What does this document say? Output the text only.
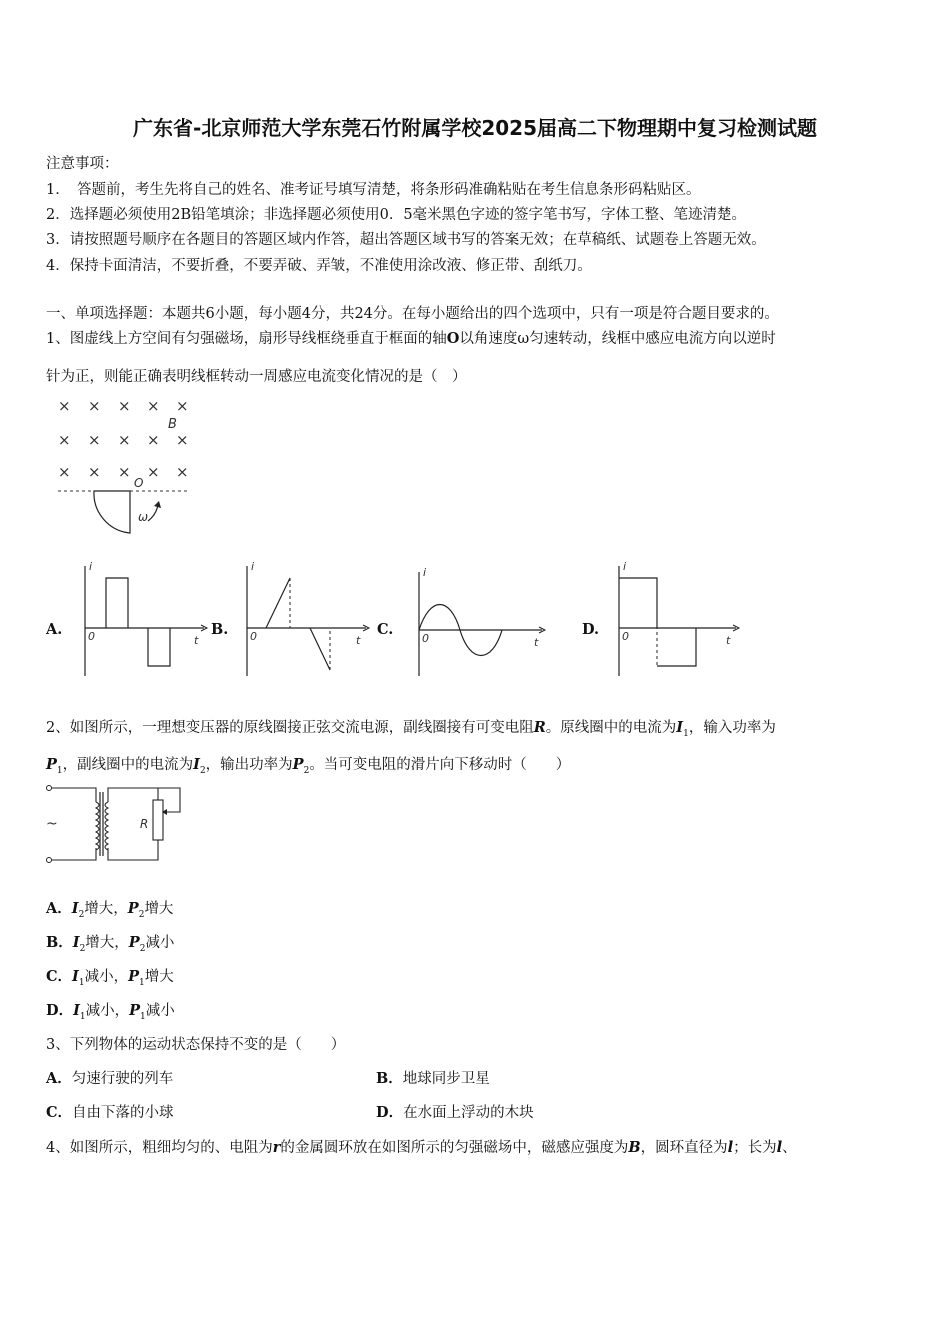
广东省-北京师范大学东莞石竹附属学校2025届高二下物理期中复习检测试题
注意事项：
1．　答题前，考生先将自己的姓名、准考证号填写清楚，将条形码准确粘贴在考生信息条形码粘贴区。
2．选择题必须使用2B铅笔填涂；非选择题必须使用0．5毫米黑色字迹的签字笔书写，字体工整、笔迹清楚。
3．请按照题号顺序在各题目的答题区域内作答，超出答题区域书写的答案无效；在草稿纸、试题卷上答题无效。
4．保持卡面清洁，不要折叠，不要弄破、弄皱，不准使用涂改液、修正带、刮纸刀。
一、单项选择题：本题共6小题，每小题4分，共24分。在每小题给出的四个选项中，只有一项是符合题目要求的。
1、图虚线上方空间有匀强磁场，扇形导线框绕垂直于框面的轴O以角速度ω匀速转动，线框中感应电流方向以逆时
针为正，则能正确表明线框转动一周感应电流变化情况的是（　）
× × × × ×
× × × × ×
× × × × ×
B
O
ω
A.
i
t
0	B.
i
t
0	C.
i
t
0
D.
i
t
0
2、如图所示，一理想变压器的原线圈接正弦交流电源，副线圈接有可变电阻R。原线圈中的电流为$I_1$，输入功率为
$P_1$，副线圈中的电流为$I_2$，输出功率为$P_2$。当可变电阻的滑片向下移动时（　　）
~	R
A．$I_2$增大，$P_2$增大
B．$I_2$增大，$P_2$减小
C．$I_1$减小，$P_1$增大
D．$I_1$减小，$P_1$减小
3、下列物体的运动状态保持不变的是（　　）
A．匀速行驶的列车	B．地球同步卫星
C．自由下落的小球	D．在水面上浮动的木块
4、如图所示，粗细均匀的、电阻为r的金属圆环放在如图所示的匀强磁场中，磁感应强度为B，圆环直径为l；长为l、
